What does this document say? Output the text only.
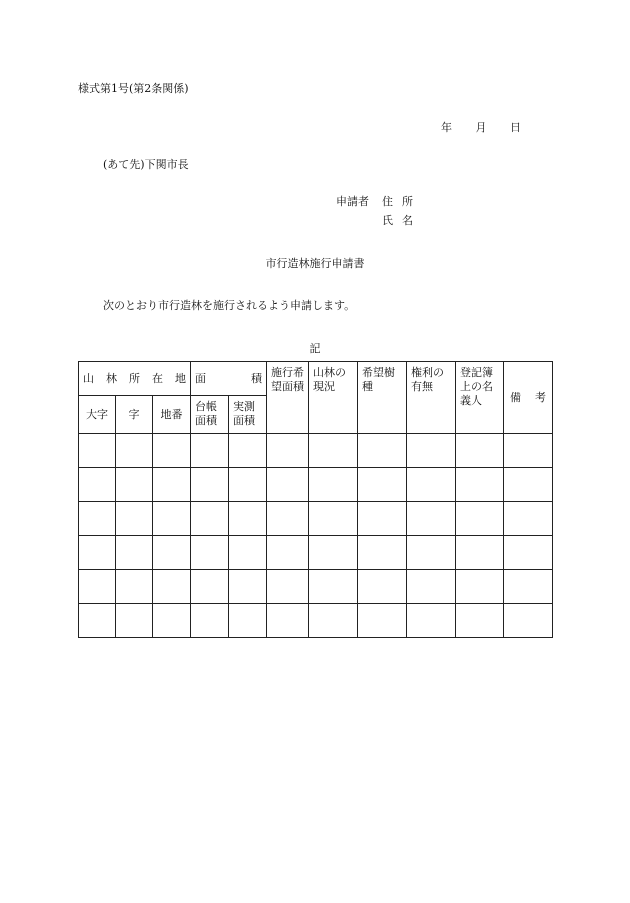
様式第1号(第2条関係)
年 月 日
(あて先)下関市長
申請者 住所
氏名
市行造林施行申請書
次のとおり市行造林を施行されるよう申請します。
記
山 林 所 在 地			面 積		施行希望面積	山林の現況	希望樹種	権利の有無	登記簿上の名義人	備 考

大字	字	地番	台帳面積	実測面積						
